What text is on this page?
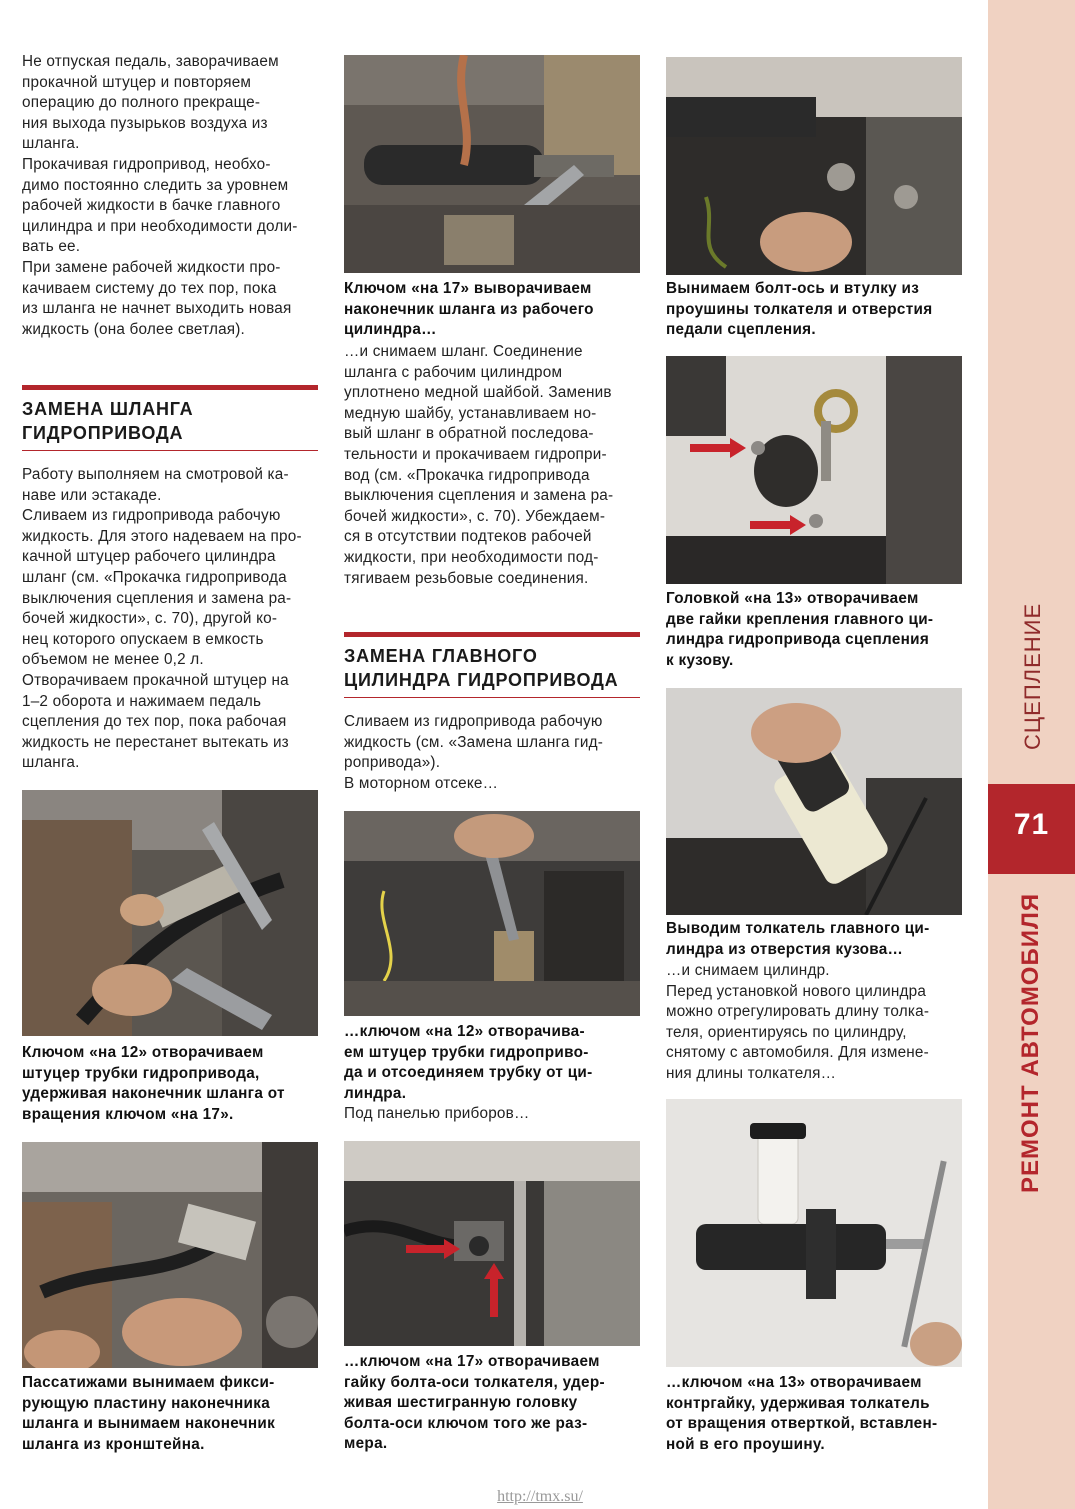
Не отпуская педаль, заворачиваем
прокачной штуцер и повторяем
операцию до полного прекраще-
ния выхода пузырьков воздуха из
шланга.
Прокачивая гидропривод, необхо-
димо постоянно следить за уровнем
рабочей жидкости в бачке главного
цилиндра и при необходимости доли-
вать ее.
При замене рабочей жидкости про-
качиваем систему до тех пор, пока
из шланга не начнет выходить новая
жидкость (она более светлая).
ЗАМЕНА ШЛАНГА
ГИДРОПРИВОДА
Работу выполняем на смотровой ка-
наве или эстакаде.
Сливаем из гидропривода рабочую
жидкость. Для этого надеваем на про-
качной штуцер рабочего цилиндра
шланг (см. «Прокачка гидропривода
выключения сцепления и замена ра-
бочей жидкости», с. 70), другой ко-
нец которого опускаем в емкость
объемом не менее 0,2 л.
Отворачиваем прокачной штуцер на
1–2 оборота и нажимаем педаль
сцепления до тех пор, пока рабочая
жидкость не перестанет вытекать из
шланга.
Ключом «на 12» отворачиваем
штуцер трубки гидропривода,
удерживая наконечник шланга от
вращения ключом «на 17».
Пассатижами вынимаем фикси-
рующую пластину наконечника
шланга и вынимаем наконечник
шланга из кронштейна.
Ключом «на 17» выворачиваем
наконечник шланга из рабочего
цилиндра…
…и снимаем шланг. Соединение
шланга с рабочим цилиндром
уплотнено медной шайбой. Заменив
медную шайбу, устанавливаем но-
вый шланг в обратной последова-
тельности и прокачиваем гидропри-
вод (см. «Прокачка гидропривода
выключения сцепления и замена ра-
бочей жидкости», с. 70). Убеждаем-
ся в отсутствии подтеков рабочей
жидкости, при необходимости под-
тягиваем резьбовые соединения.
ЗАМЕНА ГЛАВНОГО
ЦИЛИНДРА ГИДРОПРИВОДА
Сливаем из гидропривода рабочую
жидкость (см. «Замена шланга гид-
ропривода»).
В моторном отсеке…
…ключом «на 12» отворачива-
ем штуцер трубки гидроприво-
да и отсоединяем трубку от ци-
линдра.
Под панелью приборов…
…ключом «на 17» отворачиваем
гайку болта-оси толкателя, удер-
живая шестигранную головку
болта-оси ключом того же раз-
мера.
Вынимаем болт-ось и втулку из
проушины толкателя и отверстия
педали сцепления.
Головкой «на 13» отворачиваем
две гайки крепления главного ци-
линдра гидропривода сцепления
к кузову.
Выводим толкатель главного ци-
линдра из отверстия кузова…
…и снимаем цилиндр.
Перед установкой нового цилиндра
можно отрегулировать длину толка-
теля, ориентируясь по цилиндру,
снятому с автомобиля. Для измене-
ния длины толкателя…
…ключом «на 13» отворачиваем
контргайку, удерживая толкатель
от вращения отверткой, вставлен-
ной в его проушину.
СЦЕПЛЕНИЕ
71
РЕМОНТ АВТОМОБИЛЯ
http://tmx.su/
